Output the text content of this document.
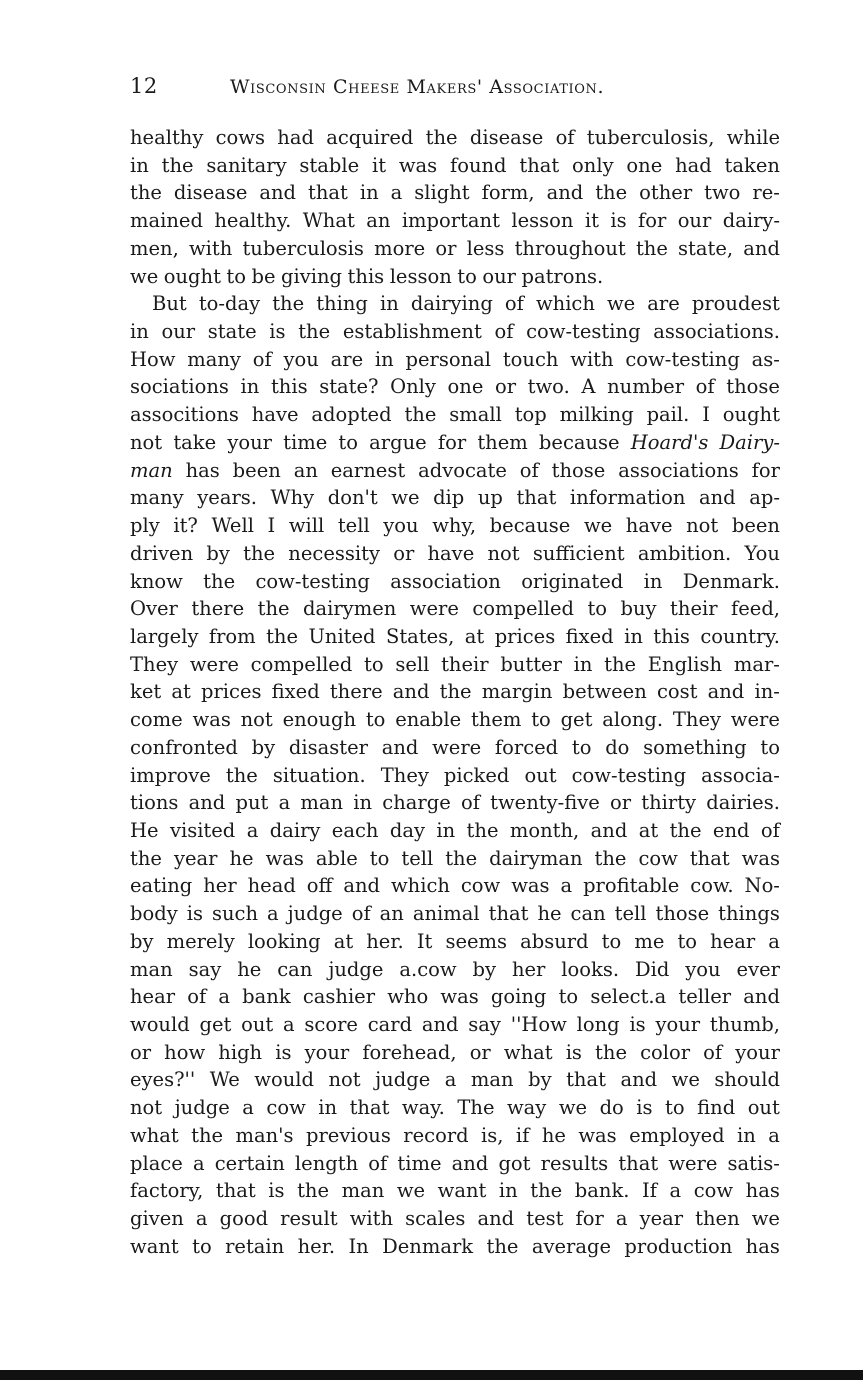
12	Wisconsin Cheese Makers' Association.
healthy cows had acquired the disease of tuberculosis, while
in the sanitary stable it was found that only one had taken
the disease and that in a slight form, and the other two re-
mained healthy. What an important lesson it is for our dairy-
men, with tuberculosis more or less throughout the state, and
we ought to be giving this lesson to our patrons.
But to-day the thing in dairying of which we are proudest
in our state is the establishment of cow-testing associations.
How many of you are in personal touch with cow-testing as-
sociations in this state? Only one or two. A number of those
associtions have adopted the small top milking pail. I ought
not take your time to argue for them because Hoard's Dairy-
man has been an earnest advocate of those associations for
many years. Why don't we dip up that information and ap-
ply it? Well I will tell you why, because we have not been
driven by the necessity or have not sufficient ambition. You
know the cow-testing association originated in Denmark.
Over there the dairymen were compelled to buy their feed,
largely from the United States, at prices fixed in this country.
They were compelled to sell their butter in the English mar-
ket at prices fixed there and the margin between cost and in-
come was not enough to enable them to get along. They were
confronted by disaster and were forced to do something to
improve the situation. They picked out cow-testing associa-
tions and put a man in charge of twenty-five or thirty dairies.
He visited a dairy each day in the month, and at the end of
the year he was able to tell the dairyman the cow that was
eating her head off and which cow was a profitable cow. No-
body is such a judge of an animal that he can tell those things
by merely looking at her. It seems absurd to me to hear a
man say he can judge a.cow by her looks. Did you ever
hear of a bank cashier who was going to select.a teller and
would get out a score card and say ''How long is your thumb,
or how high is your forehead, or what is the color of your
eyes?'' We would not judge a man by that and we should
not judge a cow in that way. The way we do is to find out
what the man's previous record is, if he was employed in a
place a certain length of time and got results that were satis-
factory, that is the man we want in the bank. If a cow has
given a good result with scales and test for a year then we
want to retain her. In Denmark the average production has
